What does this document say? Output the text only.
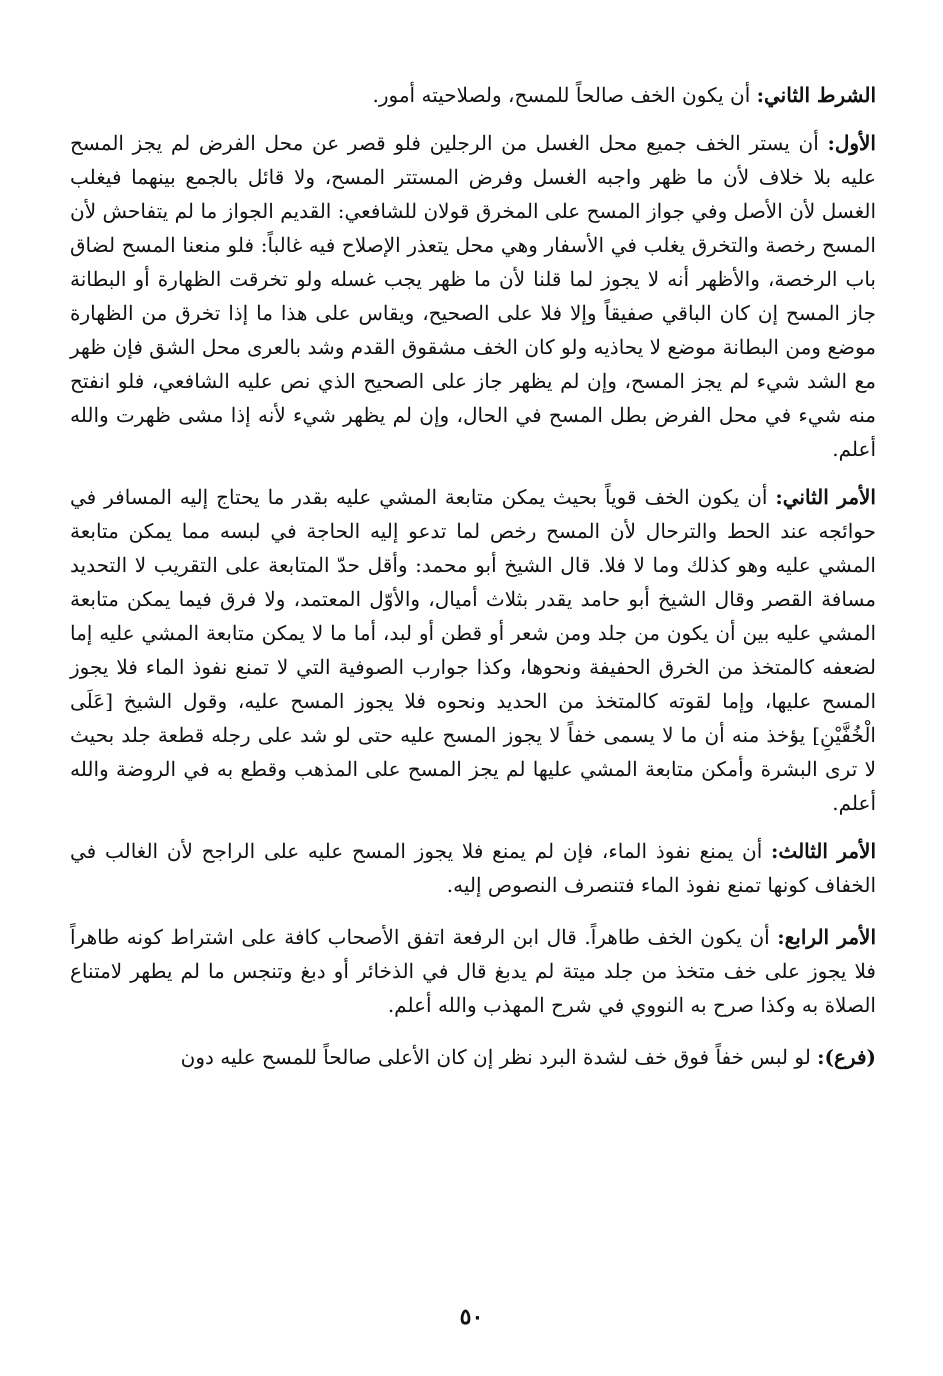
الشرط الثاني: أن يكون الخف صالحاً للمسح، ولصلاحيته أمور.

الأول: أن يستر الخف جميع محل الغسل من الرجلين فلو قصر عن محل الفرض لم يجز المسح عليه بلا خلاف لأن ما ظهر واجبه الغسل وفرض المستتر المسح، ولا قائل بالجمع بينهما فيغلب الغسل لأن الأصل وفي جواز المسح على المخرق قولان للشافعي: القديم الجواز ما لم يتفاحش لأن المسح رخصة والتخرق يغلب في الأسفار وهي محل يتعذر الإصلاح فيه غالباً: فلو منعنا المسح لضاق باب الرخصة، والأظهر أنه لا يجوز لما قلنا لأن ما ظهر يجب غسله ولو تخرقت الظهارة أو البطانة جاز المسح إن كان الباقي صفيقاً وإلا فلا على الصحيح، ويقاس على هذا ما إذا تخرق من الظهارة موضع ومن البطانة موضع لا يحاذيه ولو كان الخف مشقوق القدم وشد بالعرى محل الشق فإن ظهر مع الشد شيء لم يجز المسح، وإن لم يظهر جاز على الصحيح الذي نص عليه الشافعي، فلو انفتح منه شيء في محل الفرض بطل المسح في الحال، وإن لم يظهر شيء لأنه إذا مشى ظهرت والله أعلم.

الأمر الثاني: أن يكون الخف قوياً بحيث يمكن متابعة المشي عليه بقدر ما يحتاج إليه المسافر في حوائجه عند الحط والترحال لأن المسح رخص لما تدعو إليه الحاجة في لبسه مما يمكن متابعة المشي عليه وهو كذلك وما لا فلا. قال الشيخ أبو محمد: وأقل حدّ المتابعة على التقريب لا التحديد مسافة القصر وقال الشيخ أبو حامد يقدر بثلاث أميال، والأوّل المعتمد، ولا فرق فيما يمكن متابعة المشي عليه بين أن يكون من جلد ومن شعر أو قطن أو لبد، أما ما لا يمكن متابعة المشي عليه إما لضعفه كالمتخذ من الخرق الحفيفة ونحوها، وكذا جوارب الصوفية التي لا تمنع نفوذ الماء فلا يجوز المسح عليها، وإما لقوته كالمتخذ من الحديد ونحوه فلا يجوز المسح عليه، وقول الشيخ [عَلَى الْخُفَّيْنِ] يؤخذ منه أن ما لا يسمى خفاً لا يجوز المسح عليه حتى لو شد على رجله قطعة جلد بحيث لا ترى البشرة وأمكن متابعة المشي عليها لم يجز المسح على المذهب وقطع به في الروضة والله أعلم.

الأمر الثالث: أن يمنع نفوذ الماء، فإن لم يمنع فلا يجوز المسح عليه على الراجح لأن الغالب في الخفاف كونها تمنع نفوذ الماء فتنصرف النصوص إليه.

الأمر الرابع: أن يكون الخف طاهراً. قال ابن الرفعة اتفق الأصحاب كافة على اشتراط كونه طاهراً فلا يجوز على خف متخذ من جلد ميتة لم يدبغ قال في الذخائر أو دبغ وتنجس ما لم يطهر لامتناع الصلاة به وكذا صرح به النووي في شرح المهذب والله أعلم.

(فرع): لو لبس خفاً فوق خف لشدة البرد نظر إن كان الأعلى صالحاً للمسح عليه دون

٥٠
